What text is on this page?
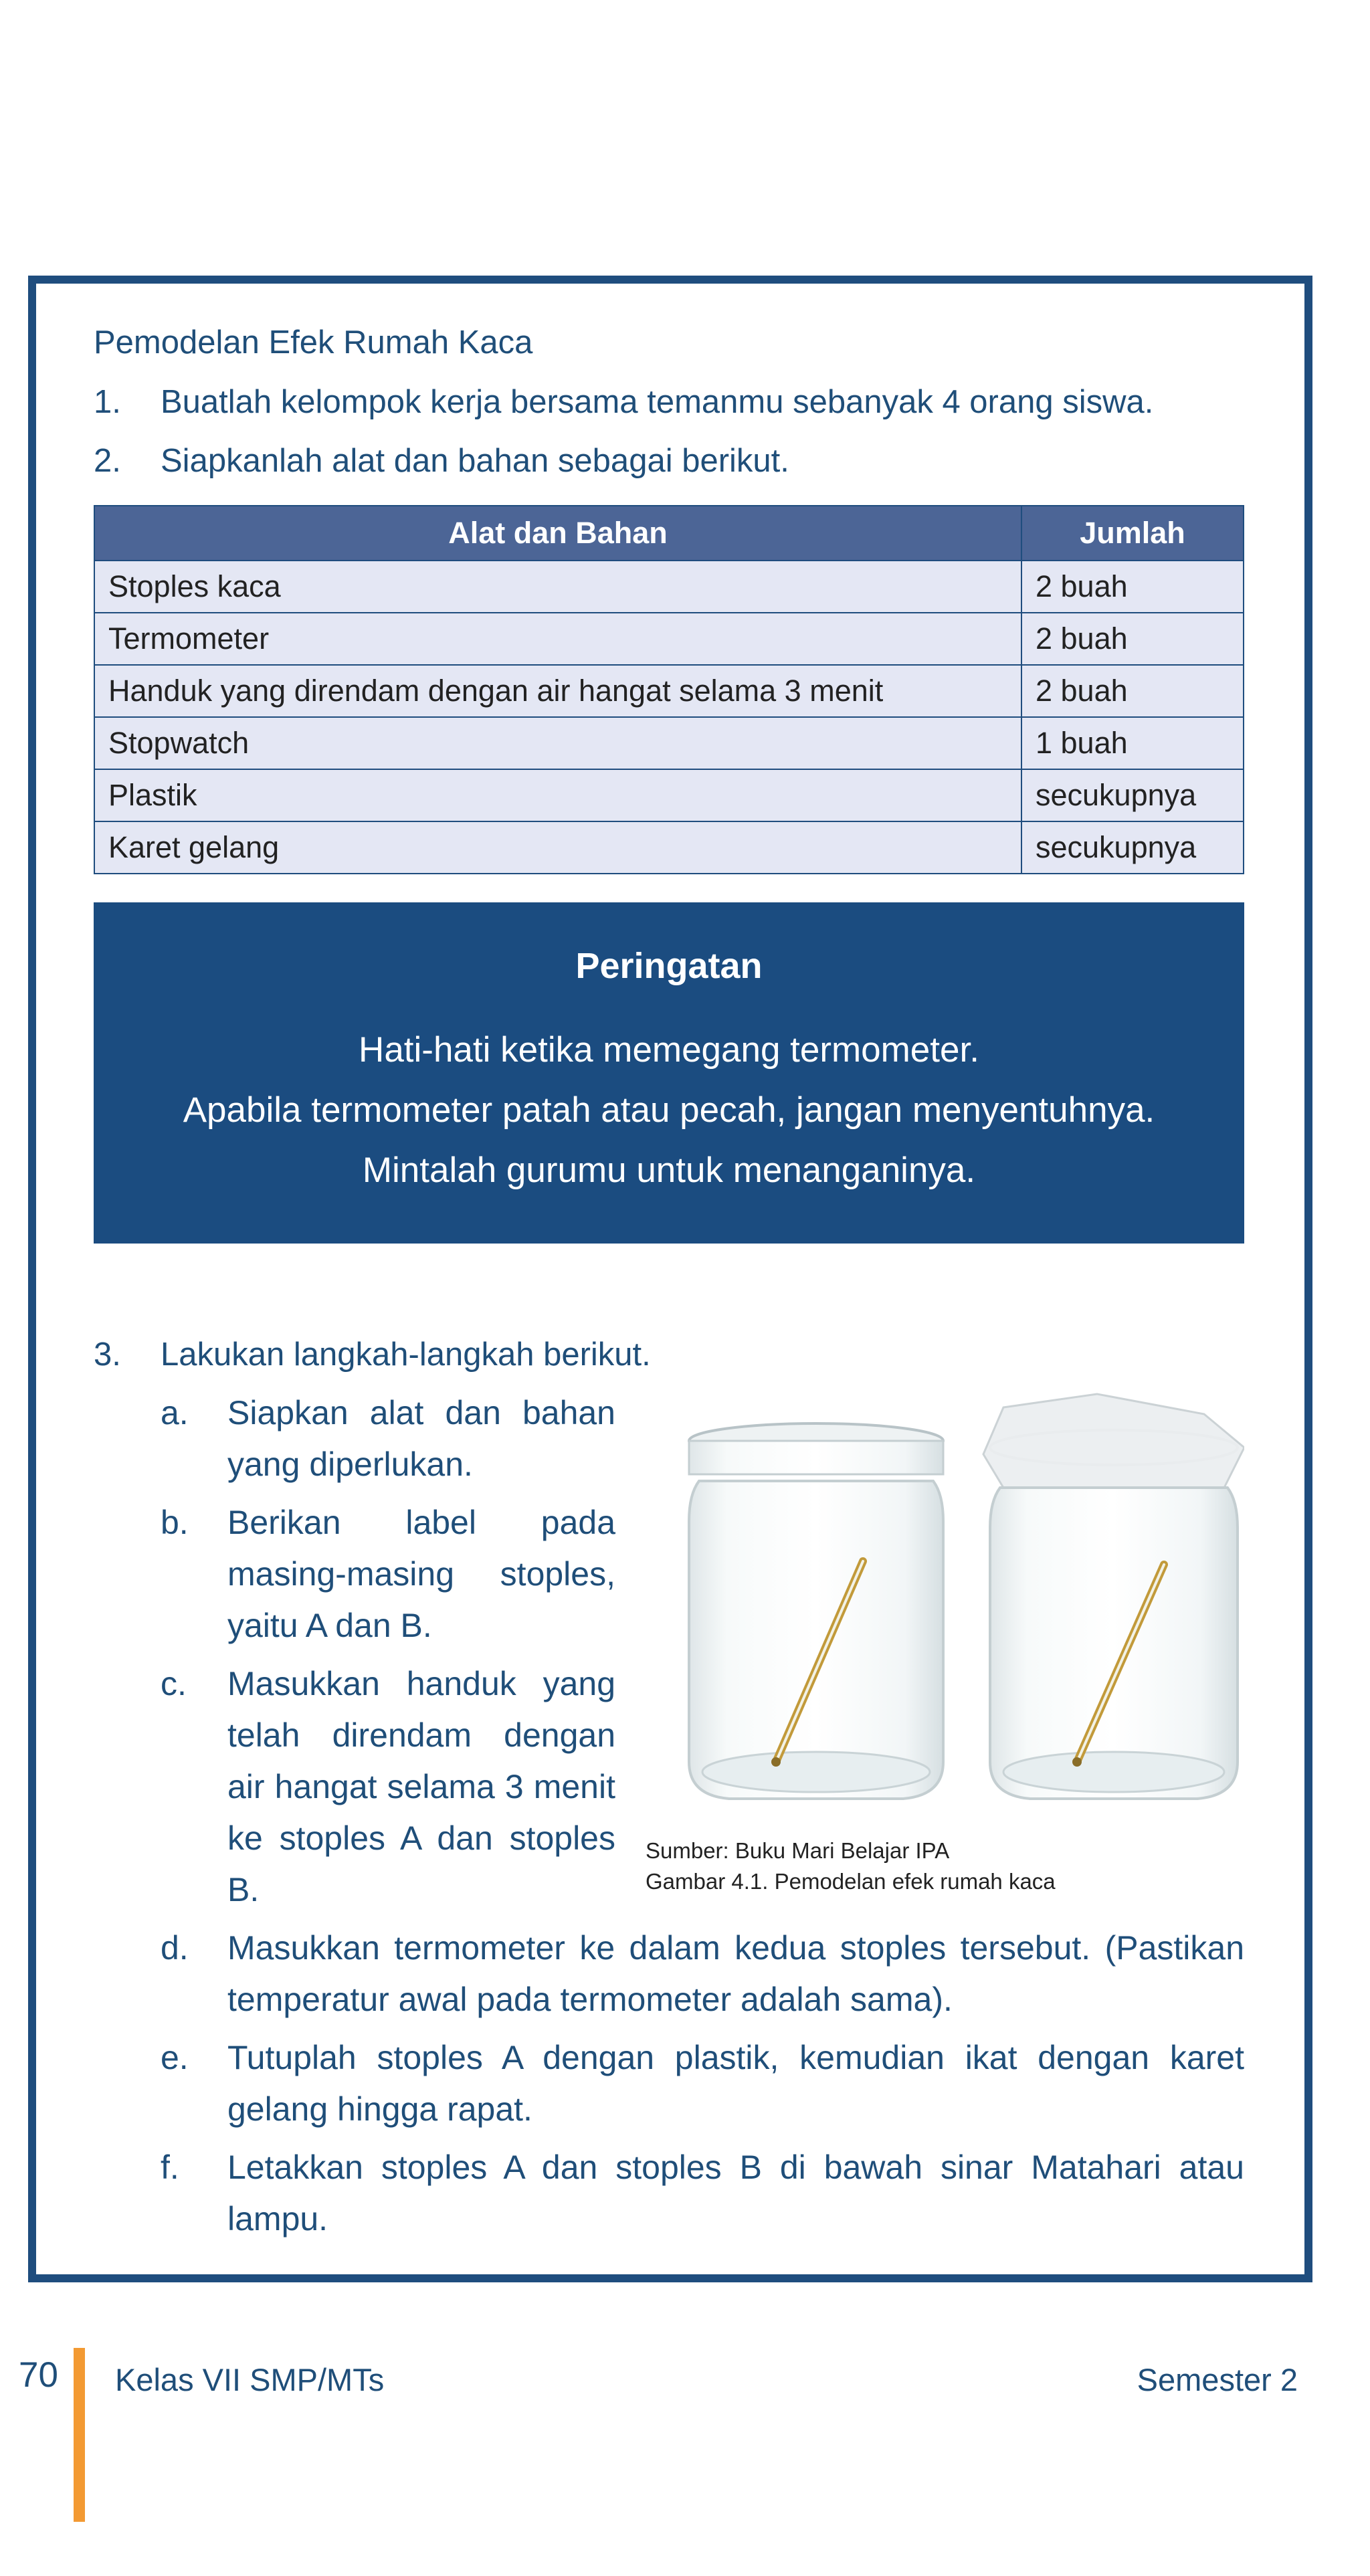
Pemodelan Efek Rumah Kaca
1.	Buatlah kelompok kerja bersama temanmu sebanyak 4 orang siswa.
2.	Siapkanlah alat dan bahan sebagai berikut.
Alat dan Bahan	Jumlah
Stoples kaca	2 buah
Termometer	2 buah
Handuk yang direndam dengan air hangat selama 3 menit	2 buah
Stopwatch	1 buah
Plastik	secukupnya
Karet gelang	secukupnya
Peringatan
Hati-hati ketika memegang termometer.
Apabila termometer patah atau pecah, jangan menyentuhnya.
Mintalah gurumu untuk menanganinya.
3.	Lakukan langkah-langkah berikut.
a.	Siapkan alat dan bahan yang diperlukan.
b.	Berikan label pada masing-masing stoples, yaitu A dan B.
c.	Masukkan handuk yang telah direndam dengan air hangat selama 3 menit ke stoples A dan stoples B.
Sumber: Buku Mari Belajar IPA
Gambar 4.1. Pemodelan efek rumah kaca
d.	Masukkan termometer ke dalam kedua stoples tersebut. (Pastikan temperatur awal pada termometer adalah sama).
e.	Tutuplah stoples A dengan plastik, kemudian ikat dengan karet gelang hingga rapat.
f.	Letakkan stoples A dan stoples B di bawah sinar Matahari atau lampu.
70 Kelas VII SMP/MTs	Semester 2
